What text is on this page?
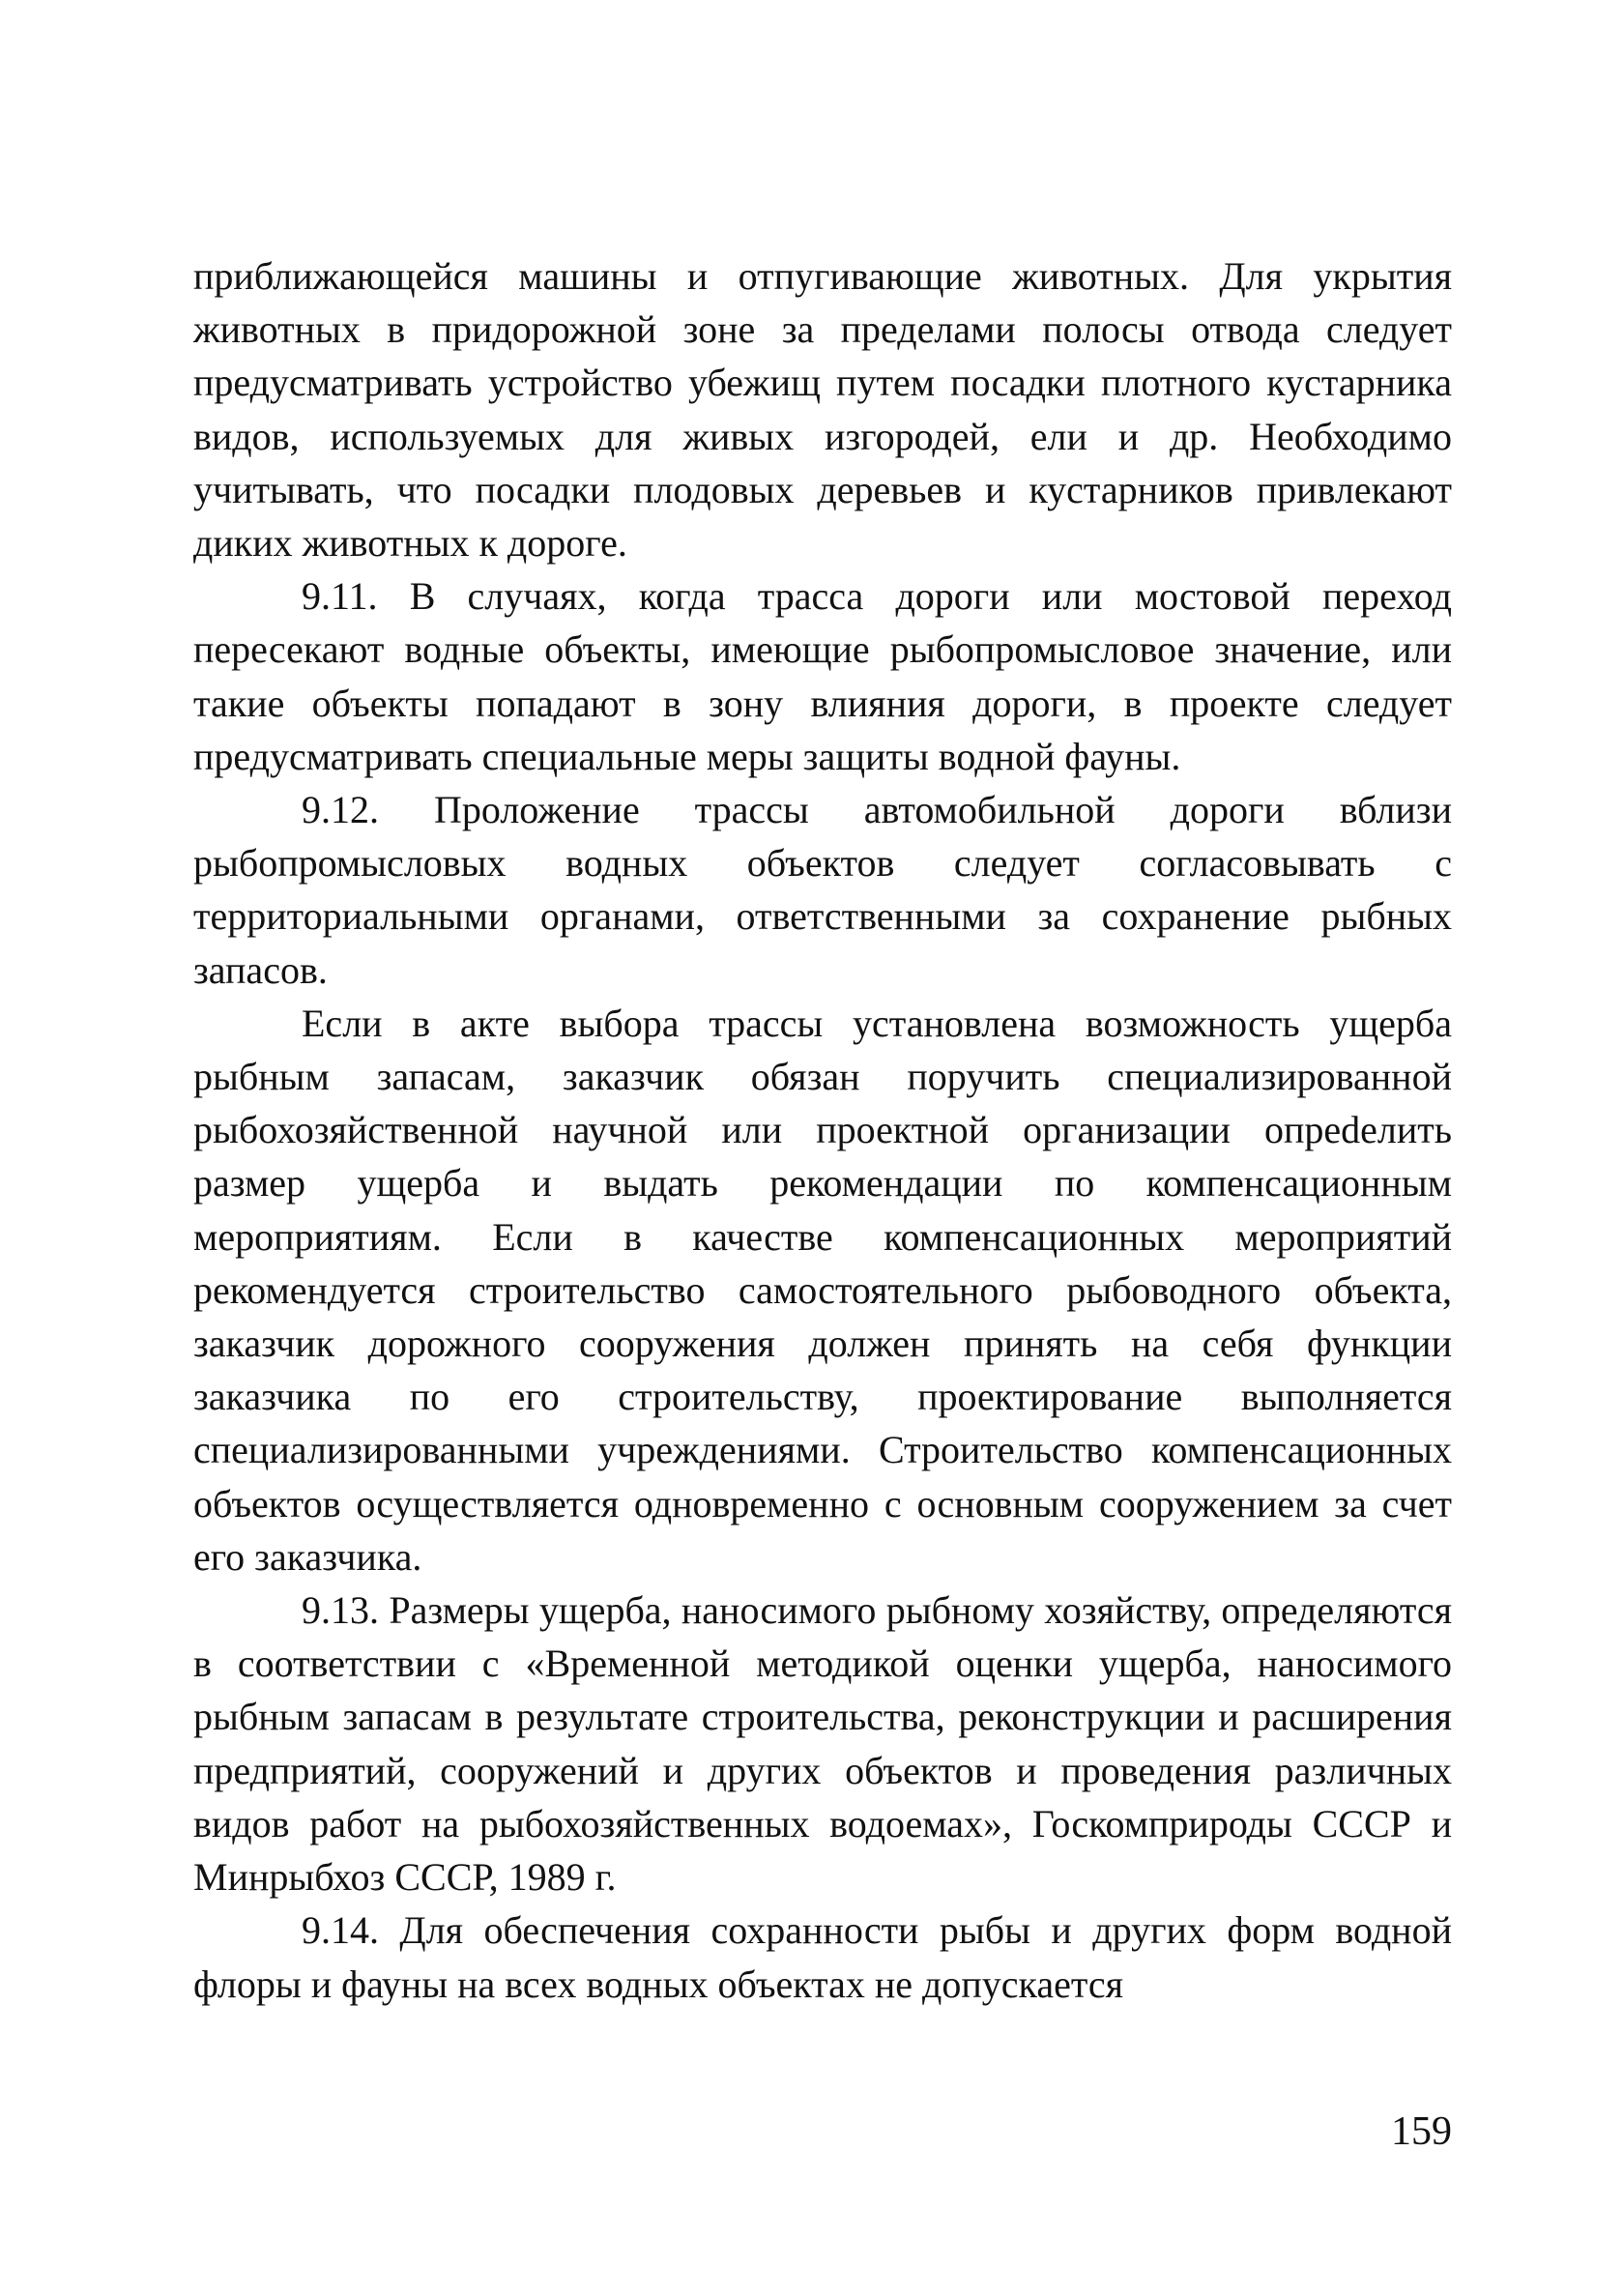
приближающейся машины и отпугивающие животных. Для укрытия животных в придорожной зоне за пределами полосы отвода следует предусматривать устройство убежищ путем посадки плотного кустарника видов, используемых для живых изгородей, ели и др. Необходимо учитывать, что посадки плодовых деревьев и кустарников привлекают диких животных к дороге.

9.11. В случаях, когда трасса дороги или мостовой переход пересекают водные объекты, имеющие рыбопромысловое значение, или такие объекты попадают в зону влияния дороги, в проекте следует предусматривать специальные меры защиты водной фауны.

9.12. Проложение трассы автомобильной дороги вблизи рыбопромысловых водных объектов следует согласовывать с территориальными органами, ответственными за сохранение рыбных запасов.

Если в акте выбора трассы установлена возможность ущерба рыбным запасам, заказчик обязан поручить специализированной рыбохозяйственной научной или проектной организации опреdелить размер ущерба и выдать рекомендации по компенсационным мероприятиям. Если в качестве компенсационных мероприятий рекомендуется строительство самостоятельного рыбоводного объекта, заказчик дорожного сооружения должен принять на себя функции заказчика по его строительству, проектирование выполняется специализированными учреждениями. Строительство компенсационных объектов осуществляется одновременно с основным сооружением за счет его заказчика.

9.13. Размеры ущерба, наносимого рыбному хозяйству, определяются в соответствии с «Временной методикой оценки ущерба, наносимого рыбным запасам в результате строительства, реконструкции и расширения предприятий, сооружений и других объектов и проведения различных видов работ на рыбохозяйственных водоемах», Госкомприроды СССР и Минрыбхоз СССР, 1989 г.

9.14. Для обеспечения сохранности рыбы и других форм водной флоры и фауны на всех водных объектах не допускается

159
